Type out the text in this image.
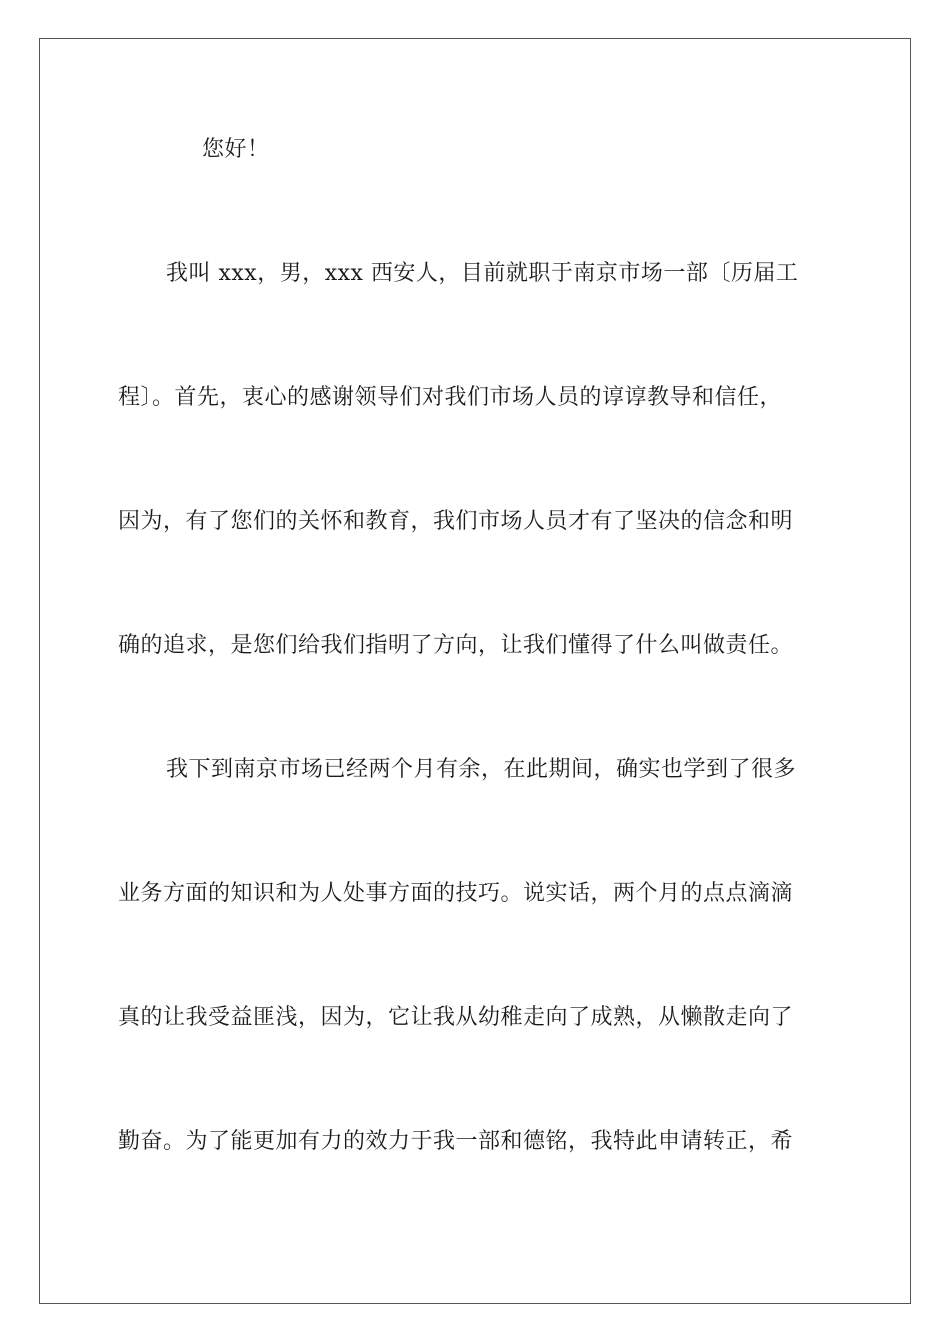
您好！
我叫 xxx，男，xxx 西安人，目前就职于南京市场一部〔历届工
程〕。首先，衷心的感谢领导们对我们市场人员的谆谆教导和信任，
因为，有了您们的关怀和教育，我们市场人员才有了坚决的信念和明
确的追求，是您们给我们指明了方向，让我们懂得了什么叫做责任。
我下到南京市场已经两个月有余，在此期间，确实也学到了很多
业务方面的知识和为人处事方面的技巧。说实话，两个月的点点滴滴
真的让我受益匪浅，因为，它让我从幼稚走向了成熟，从懒散走向了
勤奋。为了能更加有力的效力于我一部和德铭，我特此申请转正，希
